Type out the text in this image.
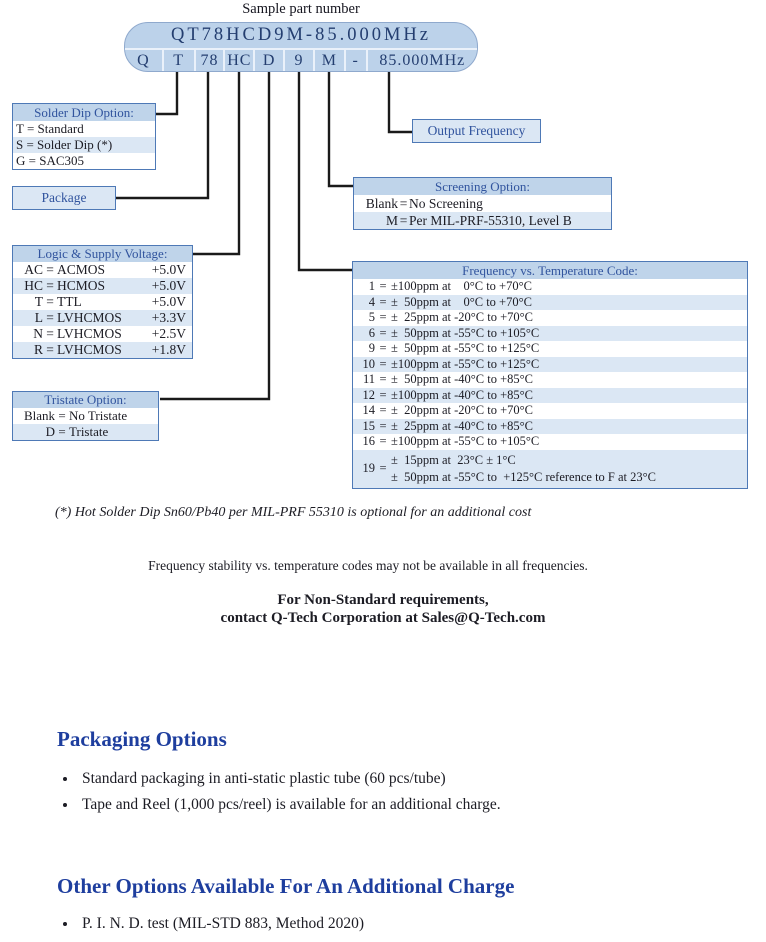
Sample part number
QT78HCD9M-85.000MHz
Q	T	78 HC D	9	M -	85.000MHz
Solder Dip Option:
T = Standard
S = Solder Dip (*)
G = SAC305
Package
Logic & Supply Voltage:
AC = ACMOS	+5.0V
HC = HCMOS	+5.0V
T = TTL	+5.0V
L = LVHCMOS	+3.3V
N = LVHCMOS	+2.5V
R = LVHCMOS	+1.8V
Tristate Option:
Blank = No Tristate
D = Tristate
Output Frequency
Screening Option:
Blank = No Screening
M = Per MIL-PRF-55310, Level B
Frequency vs. Temperature Code:
1 = ±100ppm at    0°C to +70°C
4 = ±  50ppm at    0°C to +70°C
5 = ±  25ppm at -20°C to +70°C
6 = ±  50ppm at -55°C to +105°C
9 = ±  50ppm at -55°C to +125°C
10 = ±100ppm at -55°C to +125°C
11 = ±  50ppm at -40°C to +85°C
12 = ±100ppm at -40°C to +85°C
14 = ±  20ppm at -20°C to +70°C
15 = ±  25ppm at -40°C to +85°C
16 = ±100ppm at -55°C to +105°C
19 =
±  15ppm at  23°C ± 1°C
±  50ppm at -55°C to  +125°C reference to F at 23°C
(*) Hot Solder Dip Sn60/Pb40 per MIL-PRF 55310 is optional for an additional cost
Frequency stability vs. temperature codes may not be available in all frequencies.
For Non-Standard requirements,
contact Q-Tech Corporation at Sales@Q-Tech.com
Packaging Options
• Standard packaging in anti-static plastic tube (60 pcs/tube)
• Tape and Reel (1,000 pcs/reel) is available for an additional charge.
Other Options Available For An Additional Charge
• P. I. N. D. test (MIL-STD 883, Method 2020)
